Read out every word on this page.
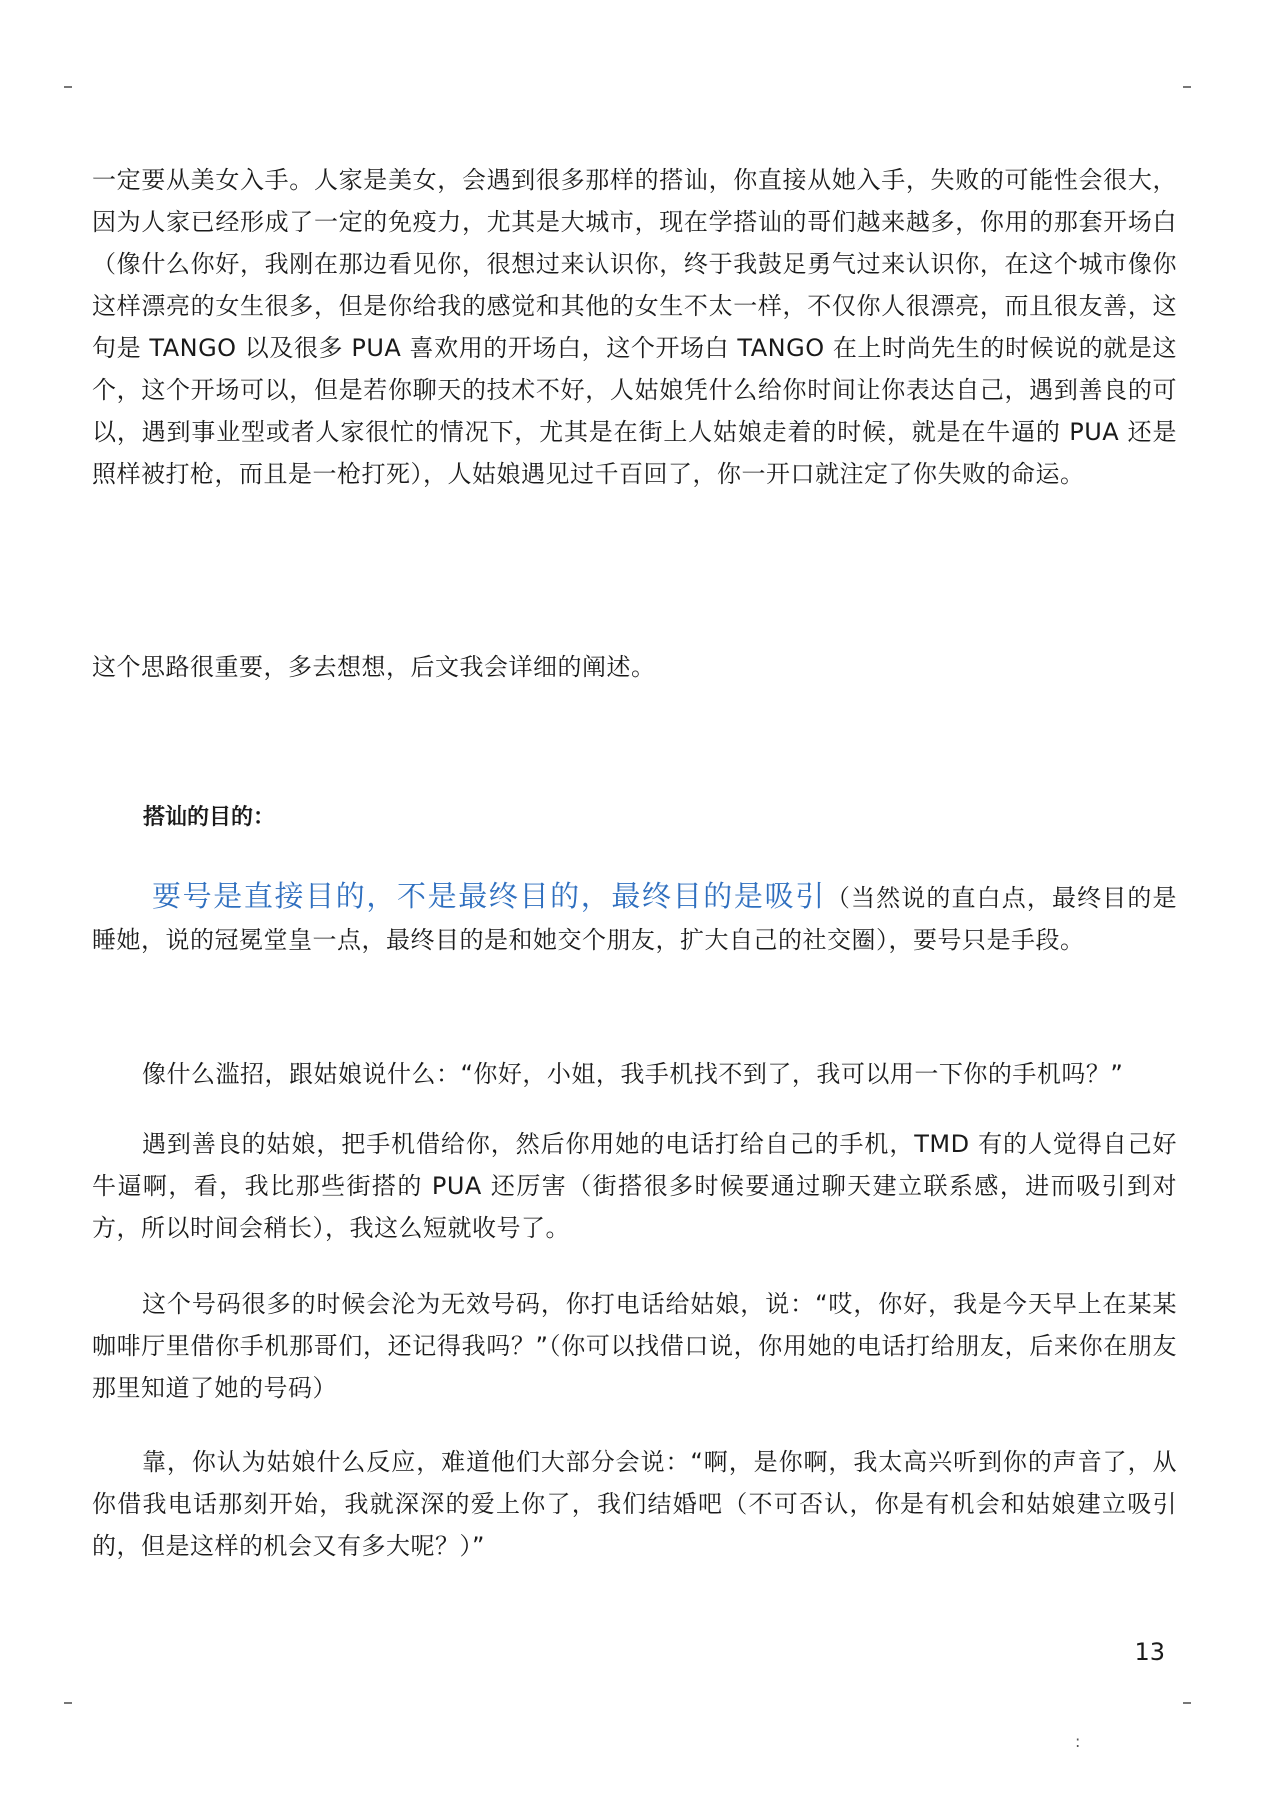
一定要从美女入手。人家是美女，会遇到很多那样的搭讪，你直接从她入手，失败的可能性会很大，因为人家已经形成了一定的免疫力，尤其是大城市，现在学搭讪的哥们越来越多，你用的那套开场白（像什么你好，我刚在那边看见你，很想过来认识你，终于我鼓足勇气过来认识你，在这个城市像你这样漂亮的女生很多，但是你给我的感觉和其他的女生不太一样，不仅你人很漂亮，而且很友善，这句是 TANGO 以及很多 PUA 喜欢用的开场白，这个开场白 TANGO 在上时尚先生的时候说的就是这个，这个开场可以，但是若你聊天的技术不好，人姑娘凭什么给你时间让你表达自己，遇到善良的可以，遇到事业型或者人家很忙的情况下，尤其是在街上人姑娘走着的时候，就是在牛逼的 PUA 还是照样被打枪，而且是一枪打死），人姑娘遇见过千百回了，你一开口就注定了你失败的命运。

这个思路很重要，多去想想，后文我会详细的阐述。

搭讪的目的：

要号是直接目的，不是最终目的，最终目的是吸引（当然说的直白点，最终目的是睡她，说的冠冕堂皇一点，最终目的是和她交个朋友，扩大自己的社交圈），要号只是手段。

像什么滥招，跟姑娘说什么：“你好，小姐，我手机找不到了，我可以用一下你的手机吗？”

遇到善良的姑娘，把手机借给你，然后你用她的电话打给自己的手机，TMD 有的人觉得自己好牛逼啊，看，我比那些街搭的 PUA 还厉害（街搭很多时候要通过聊天建立联系感，进而吸引到对方，所以时间会稍长），我这么短就收号了。

这个号码很多的时候会沦为无效号码，你打电话给姑娘，说：“哎，你好，我是今天早上在某某咖啡厅里借你手机那哥们，还记得我吗？”（你可以找借口说，你用她的电话打给朋友，后来你在朋友那里知道了她的号码）

靠，你认为姑娘什么反应，难道他们大部分会说：“啊，是你啊，我太高兴听到你的声音了，从你借我电话那刻开始，我就深深的爱上你了，我们结婚吧（不可否认，你是有机会和姑娘建立吸引的，但是这样的机会又有多大呢？）”

13
:
